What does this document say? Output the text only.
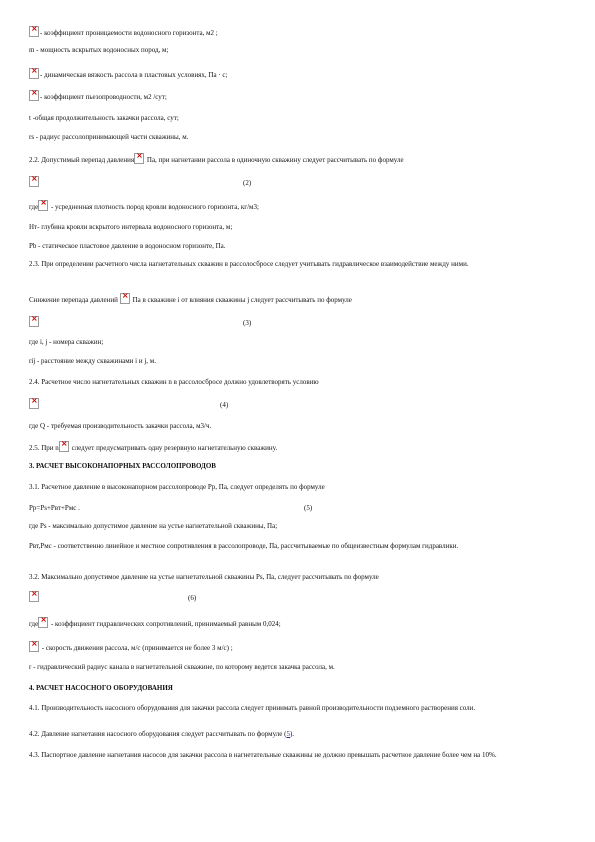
×- коэффициент проницаемости водоносного горизонта, м2 ;
m - мощность вскрытых водоносных пород, м;
×- динамическая вязкость рассола в пластовых условиях, Па · с;
×- коэффициент пьезопроводности, м2 /сут;
t -общая продолжительность закачки рассола, сут;
rs - радиус рассолопринимающей части скважины, м.
2.2. Допустимый перепад давления× Па, при нагнетании рассола в одиночную скважину следует рассчитывать по формуле
где× - усредненная плотность пород кровли водоносного горизонта, кг/м3;
Hт- глубина кровли вскрытого интервала водоносного горизонта, м;
Pb - статическое пластовое давление в водоносном горизонте, Па.
Снижение перепада давлений× Па в скважине i от влияния скважины j следует рассчитывать по формуле
где i, j - номера скважин;
rij - расстояние между скважинами i и j, м.
2.4. Расчетное число нагнетательных скважин n в рассолосбросе должно удовлетворять условию
где Q - требуемая производительность закачки рассола, м3/ч.
2.5. При n× следует предусматривать одну резервную нагнетательную скважину.
3. РАСЧЕТ ВЫСОКОНАПОРНЫХ РАССОЛОПРОВОДОВ
3.1. Расчетное давление в высоконапорном рассолопроводе Pp, Па, следует определять по формуле
где Ps - максимально допустимое давление на устье нагнетательной скважины, Па;
3.2. Максимально допустимое давление на устье нагнетательной скважины Ps, Па, следует рассчитывать по формуле
где× - коэффициент гидравлических сопротивлений, принимаемый равным 0,024;
× - скорость движения рассола, м/с (принимается не более 3 м/с) ;
r - гидравлический радиус канала в нагнетательной скважине, по которому ведется закачка рассола, м.
4. РАСЧЕТ НАСОСНОГО ОБОРУДОВАНИЯ
×
(2)
2.3. При определении расчетного числа нагнетательных скважин в рассолосбросе следует учитывать гидравлическое взаимодействие между ними.
×
(3)
×
(4)
Pp=Ps+Pвт+Pмс .	(5)
Pвт,Pмс - соответственно линейное и местное сопротивления в рассолопроводе, Па, рассчитываемые по общеизвестным формулам гидравлики.
×
(6)
4.1. Производительность насосного оборудования для закачки рассола следует принимать равной производительности подземного растворения соли.
4.2. Давление нагнетания насосного оборудования следует рассчитывать по формуле (5).
4.3. Паспортное давление нагнетания насосов для закачки рассола в нагнетательные скважины не должно превышать расчетное давление более чем на 10%.
